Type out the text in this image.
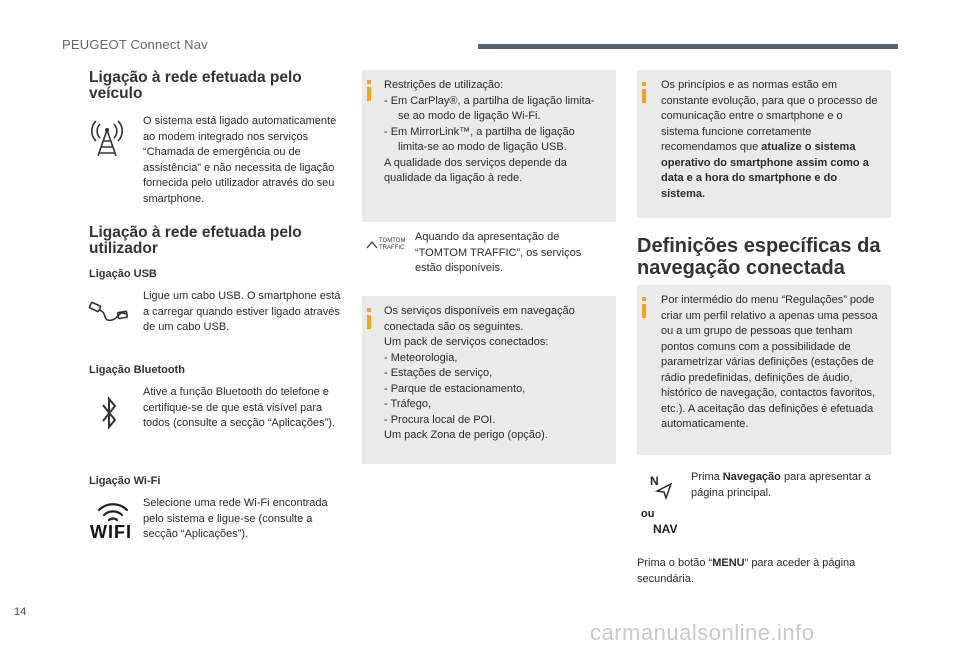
PEUGEOT Connect Nav
Ligação à rede efetuada pelo
veículo
O sistema está ligado automaticamente ao modem integrado nos serviços “Chamada de emergência ou de assistência” e não necessita de ligação fornecida pelo utilizador através do seu smartphone.
Ligação à rede efetuada pelo
utilizador
Ligação USB
Ligue um cabo USB. O smartphone está a carregar quando estiver ligado através de um cabo USB.
Ligação Bluetooth
Ative a função Bluetooth do telefone e certifique-se de que está visível para todos (consulte a secção “Aplicações”).
Ligação Wi-Fi
WIFI
Selecione uma rede Wi-Fi encontrada pelo sistema e ligue-se (consulte a secção “Aplicações”).
Restrições de utilização:
- Em CarPlay®, a partilha de ligação limita-se ao modo de ligação Wi-Fi.
- Em MirrorLink™, a partilha de ligação limita-se ao modo de ligação USB.
A qualidade dos serviços depende da qualidade da ligação à rede.
TOMTOM
TRAFFIC
Aquando da apresentação de “TOMTOM TRAFFIC”, os serviços estão disponíveis.
Os serviços disponíveis em navegação conectada são os seguintes.
Um pack de serviços conectados:
- Meteorologia,
- Estações de serviço,
- Parque de estacionamento,
- Tráfego,
- Procura local de POI.
Um pack Zona de perigo (opção).
Os princípios e as normas estão em constante evolução, para que o processo de comunicação entre o smartphone e o sistema funcione corretamente recomendamos que atualize o sistema operativo do smartphone assim como a data e a hora do smartphone e do sistema.
Definições específicas da
navegação conectada
Por intermédio do menu “Regulações” pode criar um perfil relativo a apenas uma pessoa ou a um grupo de pessoas que tenham pontos comuns com a possibilidade de parametrizar várias definições (estações de rádio predefinidas, definições de áudio, histórico de navegação, contactos favoritos, etc.). A aceitação das definições é efetuada automaticamente.
N
ou
NAV
Prima Navegação para apresentar a página principal.
Prima o botão “MENU” para aceder à página secundária.
14
carmanualsonline.info
